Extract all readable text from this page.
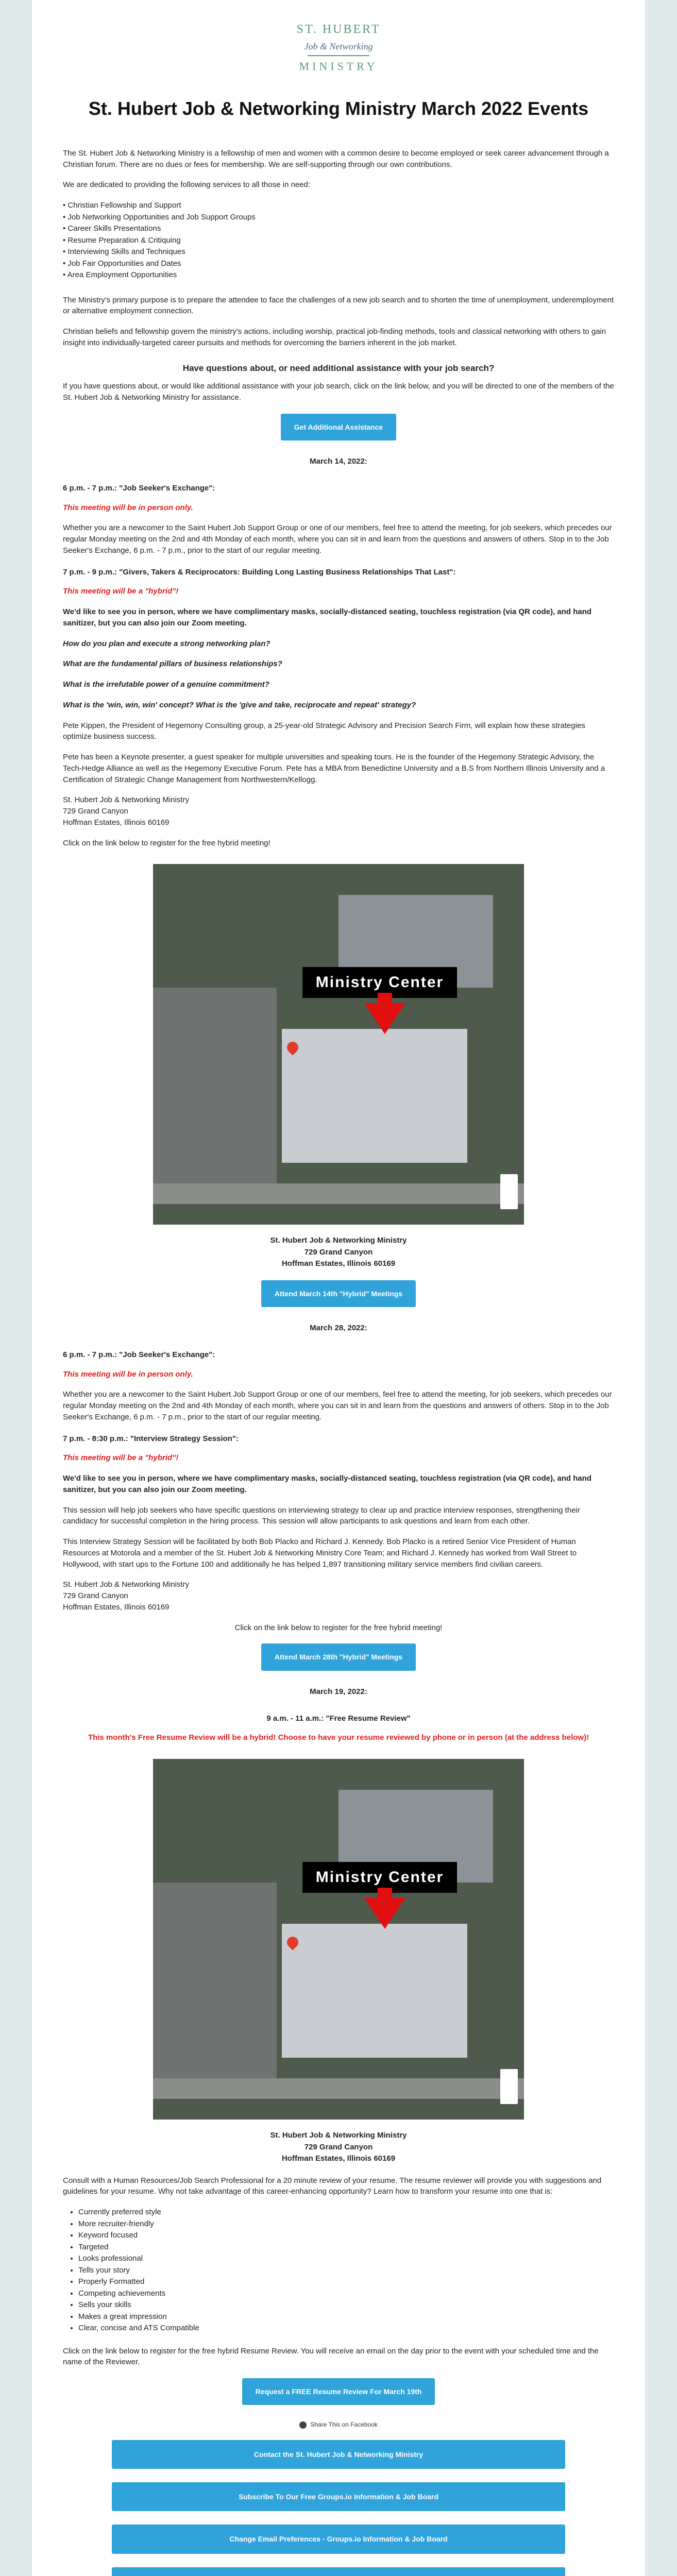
ST. HUBERT
Job & Networking
MINISTRY
St. Hubert Job & Networking Ministry March 2022 Events

The St. Hubert Job & Networking Ministry is a fellowship of men and women with a common desire to become employed or seek career advancement through a Christian forum. There are no dues or fees for membership. We are self-supporting through our own contributions.

We are dedicated to providing the following services to all those in need:

• Christian Fellowship and Support
• Job Networking Opportunities and Job Support Groups
• Career Skills Presentations
• Resume Preparation & Critiquing
• Interviewing Skills and Techniques
• Job Fair Opportunities and Dates
• Area Employment Opportunities

The Ministry's primary purpose is to prepare the attendee to face the challenges of a new job search and to shorten the time of unemployment, underemployment or alternative employment connection.

Christian beliefs and fellowship govern the ministry's actions, including worship, practical job-finding methods, tools and classical networking with others to gain insight into individually-targeted career pursuits and methods for overcoming the barriers inherent in the job market.

Have questions about, or need additional assistance with your job search?

If you have questions about, or would like additional assistance with your job search, click on the link below, and you will be directed to one of the members of the St. Hubert Job & Networking Ministry for assistance.

Get Additional Assistance
March 14, 2022:
6 p.m. - 7 p.m.: "Job Seeker's Exchange":

This meeting will be in person only.

Whether you are a newcomer to the Saint Hubert Job Support Group or one of our members, feel free to attend the meeting, for job seekers, which precedes our regular Monday meeting on the 2nd and 4th Monday of each month, where you can sit in and learn from the questions and answers of others. Stop in to the Job Seeker's Exchange, 6 p.m. - 7 p.m., prior to the start of our regular meeting.

7 p.m. - 9 p.m.: "Givers, Takers & Reciprocators: Building Long Lasting Business Relationships That Last":

This meeting will be a "hybrid"!

We'd like to see you in person, where we have complimentary masks, socially-distanced seating, touchless registration (via QR code), and hand sanitizer, but you can also join our Zoom meeting.

How do you plan and execute a strong networking plan?

What are the fundamental pillars of business relationships?

What is the irrefutable power of a genuine commitment?

What is the 'win, win, win' concept? What is the 'give and take, reciprocate and repeat' strategy?

Pete Kippen, the President of Hegemony Consulting group, a 25-year-old Strategic Advisory and Precision Search Firm, will explain how these strategies optimize business success.

Pete has been a Keynote presenter, a guest speaker for multiple universities and speaking tours. He is the founder of the Hegemony Strategic Advisory, the Tech-Hedge Alliance as well as the Hegemony Executive Forum. Pete has a MBA from Benedictine University and a B.S from Northern Illinois University and a Certification of Strategic Change Management from Northwestern/Kellogg.

St. Hubert Job & Networking Ministry
729 Grand Canyon
Hoffman Estates, Illinois 60169

Click on the link below to register for the free hybrid meeting!

Ministry Center
St. Hubert Job & Networking Ministry
729 Grand Canyon
Hoffman Estates, Illinois 60169
Attend March 14th "Hybrid" Meetings
March 28, 2022:
6 p.m. - 7 p.m.: "Job Seeker's Exchange":

This meeting will be in person only.

Whether you are a newcomer to the Saint Hubert Job Support Group or one of our members, feel free to attend the meeting, for job seekers, which precedes our regular Monday meeting on the 2nd and 4th Monday of each month, where you can sit in and learn from the questions and answers of others. Stop in to the Job Seeker's Exchange, 6 p.m. - 7 p.m., prior to the start of our regular meeting.

7 p.m. - 8:30 p.m.: "Interview Strategy Session":

This meeting will be a "hybrid"!

We'd like to see you in person, where we have complimentary masks, socially-distanced seating, touchless registration (via QR code), and hand sanitizer, but you can also join our Zoom meeting.

This session will help job seekers who have specific questions on interviewing strategy to clear up and practice interview responses, strengthening their candidacy for successful completion in the hiring process. This session will allow participants to ask questions and learn from each other.

This Interview Strategy Session will be facilitated by both Bob Placko and Richard J. Kennedy. Bob Placko is a retired Senior Vice President of Human Resources at Motorola and a member of the St. Hubert Job & Networking Ministry Core Team; and Richard J. Kennedy has worked from Wall Street to Hollywood, with start ups to the Fortune 100 and additionally he has helped 1,897 transitioning military service members find civilian careers.

St. Hubert Job & Networking Ministry
729 Grand Canyon
Hoffman Estates, Illinois 60169

Click on the link below to register for the free hybrid meeting!

Attend March 28th "Hybrid" Meetings
March 19, 2022:
9 a.m. - 11 a.m.: "Free Resume Review"

This month's Free Resume Review will be a hybrid! Choose to have your resume reviewed by phone or in person (at the address below)!

Ministry Center
St. Hubert Job & Networking Ministry
729 Grand Canyon
Hoffman Estates, Illinois 60169

Consult with a Human Resources/Job Search Professional for a 20 minute review of your resume. The resume reviewer will provide you with suggestions and guidelines for your resume. Why not take advantage of this career-enhancing opportunity? Learn how to transform your resume into one that is:

• Currently preferred style
• More recruiter-friendly
• Keyword focused
• Targeted
• Looks professional
• Tells your story
• Properly Formatted
• Competing achievements
• Sells your skills
• Makes a great impression
• Clear, concise and ATS Compatible

Click on the link below to register for the free hybrid Resume Review. You will receive an email on the day prior to the event with your scheduled time and the name of the Reviewer.

Request a FREE Resume Review For March 19th
Share This on Facebook
Contact the St. Hubert Job & Networking Ministry
Subscribe To Our Free Groups.io Information & Job Board
Change Email Preferences - Groups.io Information & Job Board
